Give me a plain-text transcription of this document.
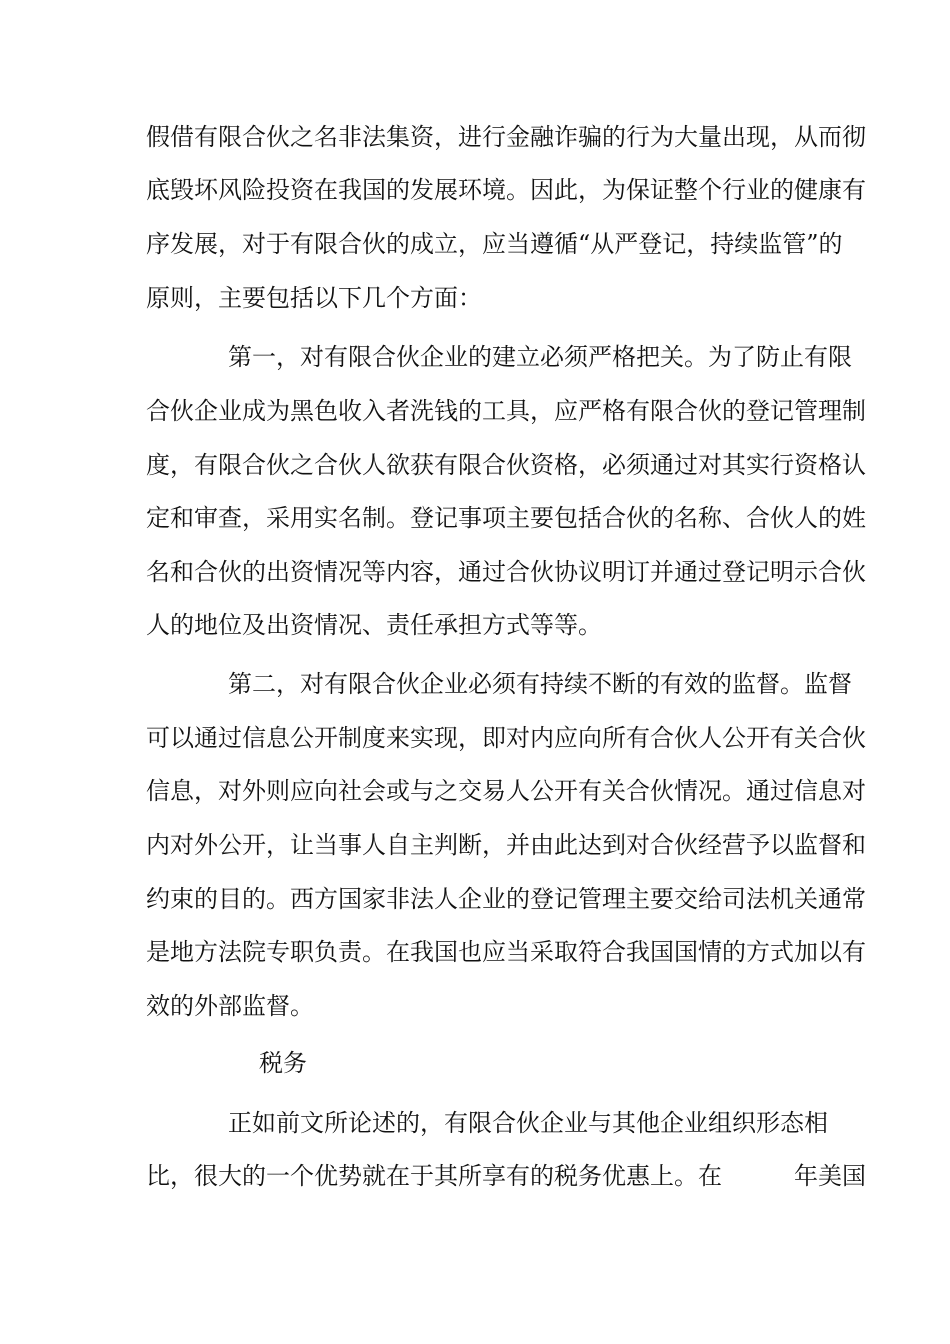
假借有限合伙之名非法集资，进行金融诈骗的行为大量出现，从而彻
底毁坏风险投资在我国的发展环境。因此，为保证整个行业的健康有
序发展，对于有限合伙的成立，应当遵循“从严登记，持续监管”的
原则，主要包括以下几个方面：
第一，对有限合伙企业的建立必须严格把关。为了防止有限
合伙企业成为黑色收入者洗钱的工具，应严格有限合伙的登记管理制
度，有限合伙之合伙人欲获有限合伙资格，必须通过对其实行资格认
定和审查，采用实名制。登记事项主要包括合伙的名称、合伙人的姓
名和合伙的出资情况等内容，通过合伙协议明订并通过登记明示合伙
人的地位及出资情况、责任承担方式等等。
第二，对有限合伙企业必须有持续不断的有效的监督。监督
可以通过信息公开制度来实现，即对内应向所有合伙人公开有关合伙
信息，对外则应向社会或与之交易人公开有关合伙情况。通过信息对
内对外公开，让当事人自主判断，并由此达到对合伙经营予以监督和
约束的目的。西方国家非法人企业的登记管理主要交给司法机关通常
是地方法院专职负责。在我国也应当采取符合我国国情的方式加以有
效的外部监督。
税务
正如前文所论述的，有限合伙企业与其他企业组织形态相
比，很大的一个优势就在于其所享有的税务优惠上。在　　　年美国
